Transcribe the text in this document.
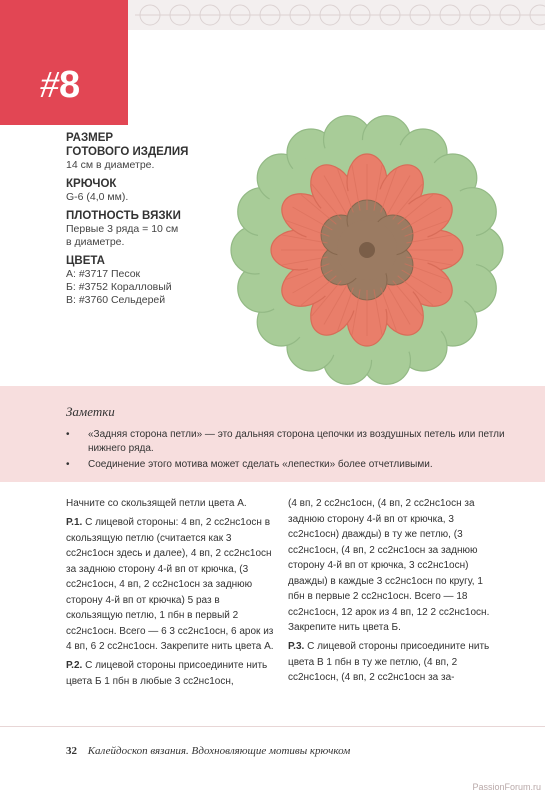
#8
РАЗМЕР
ГОТОВОГО ИЗДЕЛИЯ
14 см в диаметре.
КРЮЧОК
G-6 (4,0 мм).
ПЛОТНОСТЬ ВЯЗКИ
Первые 3 ряда = 10 см
в диаметре.
ЦВЕТА
А: #3717 Песок
Б: #3752 Коралловый
В: #3760 Сельдерей
Заметки
• «Задняя сторона петли» — это дальняя сторона цепочки из воздушных петель или петли нижнего ряда.
• Соединение этого мотива может сделать «лепестки» более отчетливыми.

Начните со скользящей петли цвета А.

Р.1. С лицевой стороны: 4 вп, 2 сс2нс1осн в скользящую петлю (считается как 3 сс2нс1осн здесь и далее), 4 вп, 2 сс2нс1осн за заднюю сторону 4-й вп от крючка, (3 сс2нс1осн, 4 вп, 2 сс2нс1осн за заднюю сторону 4-й вп от крючка) 5 раз в скользящую петлю, 1 пбн в первый 2 сс2нс1осн. Всего — 6 3 сс2нс1осн, 6 арок из 4 вп, 6 2 сс2нс1осн. Закрепите нить цвета А.

Р.2. С лицевой стороны присоедините нить цвета Б 1 пбн в любые 3 сс2нс1осн,

(4 вп, 2 сс2нс1осн, (4 вп, 2 сс2нс1осн за заднюю сторону 4-й вп от крючка, 3 сс2нс1осн) дважды) в ту же петлю, (3 сс2нс1осн, (4 вп, 2 сс2нс1осн за заднюю сторону 4-й вп от крючка, 3 сс2нс1осн) дважды) в каждые 3 сс2нс1осн по кругу, 1 пбн в первые 2 сс2нс1осн. Всего — 18 сс2нс1осн, 12 арок из 4 вп, 12 2 сс2нс1осн. Закрепите нить цвета Б.

Р.3. С лицевой стороны присоедините нить цвета В 1 пбн в ту же петлю, (4 вп, 2 сс2нс1осн, (4 вп, 2 сс2нс1осн за за-

32 Калейдоскоп вязания. Вдохновляющие мотивы крючком
PassionForum.ru
